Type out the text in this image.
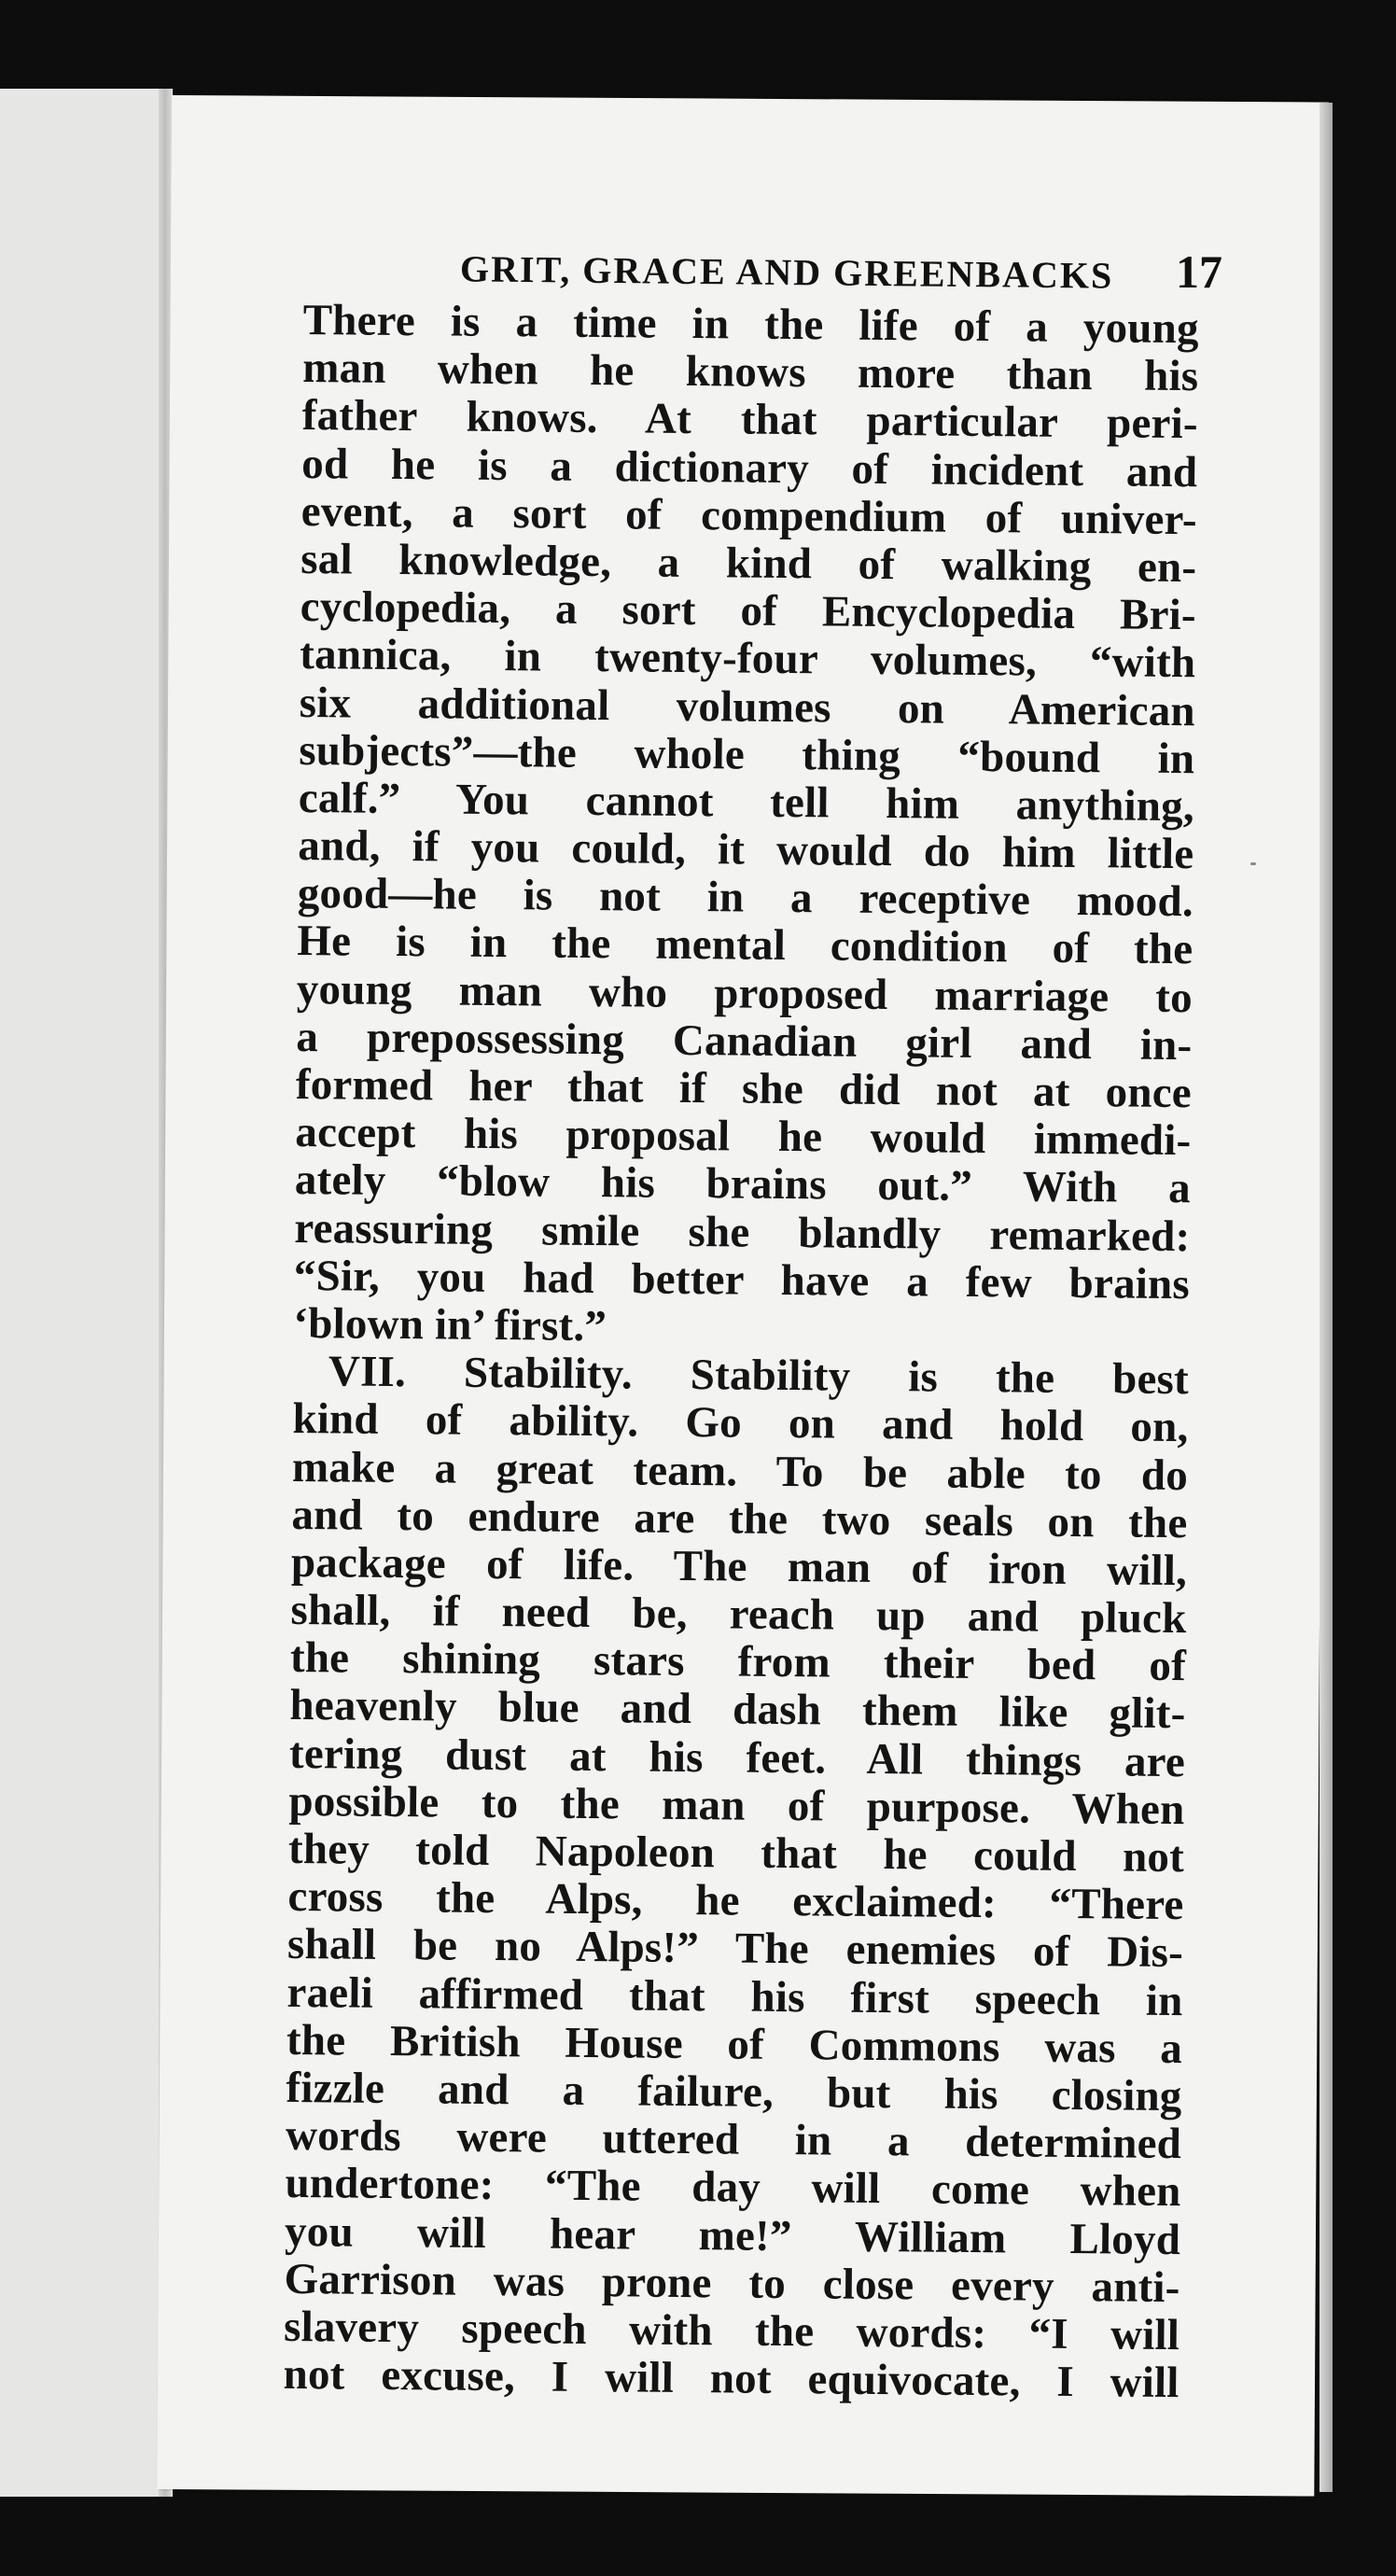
GRIT, GRACE AND GREENBACKS 17
There is a time in the life of a young
man when he knows more than his
father knows. At that particular peri-
od he is a dictionary of incident and
event, a sort of compendium of univer-
sal knowledge, a kind of walking en-
cyclopedia, a sort of Encyclopedia Bri-
tannica, in twenty-four volumes, “with
six additional volumes on American
subjects”—the whole thing “bound in
calf.” You cannot tell him anything,
and, if you could, it would do him little
good—he is not in a receptive mood.
He is in the mental condition of the
young man who proposed marriage to
a prepossessing Canadian girl and in-
formed her that if she did not at once
accept his proposal he would immedi-
ately “blow his brains out.” With a
reassuring smile she blandly remarked:
“Sir, you had better have a few brains
‘blown in’ first.”
VII. Stability. Stability is the best
kind of ability. Go on and hold on,
make a great team. To be able to do
and to endure are the two seals on the
package of life. The man of iron will,
shall, if need be, reach up and pluck
the shining stars from their bed of
heavenly blue and dash them like glit-
tering dust at his feet. All things are
possible to the man of purpose. When
they told Napoleon that he could not
cross the Alps, he exclaimed: “There
shall be no Alps!” The enemies of Dis-
raeli affirmed that his first speech in
the British House of Commons was a
fizzle and a failure, but his closing
words were uttered in a determined
undertone: “The day will come when
you will hear me!” William Lloyd
Garrison was prone to close every anti-
slavery speech with the words: “I will
not excuse, I will not equivocate, I will
